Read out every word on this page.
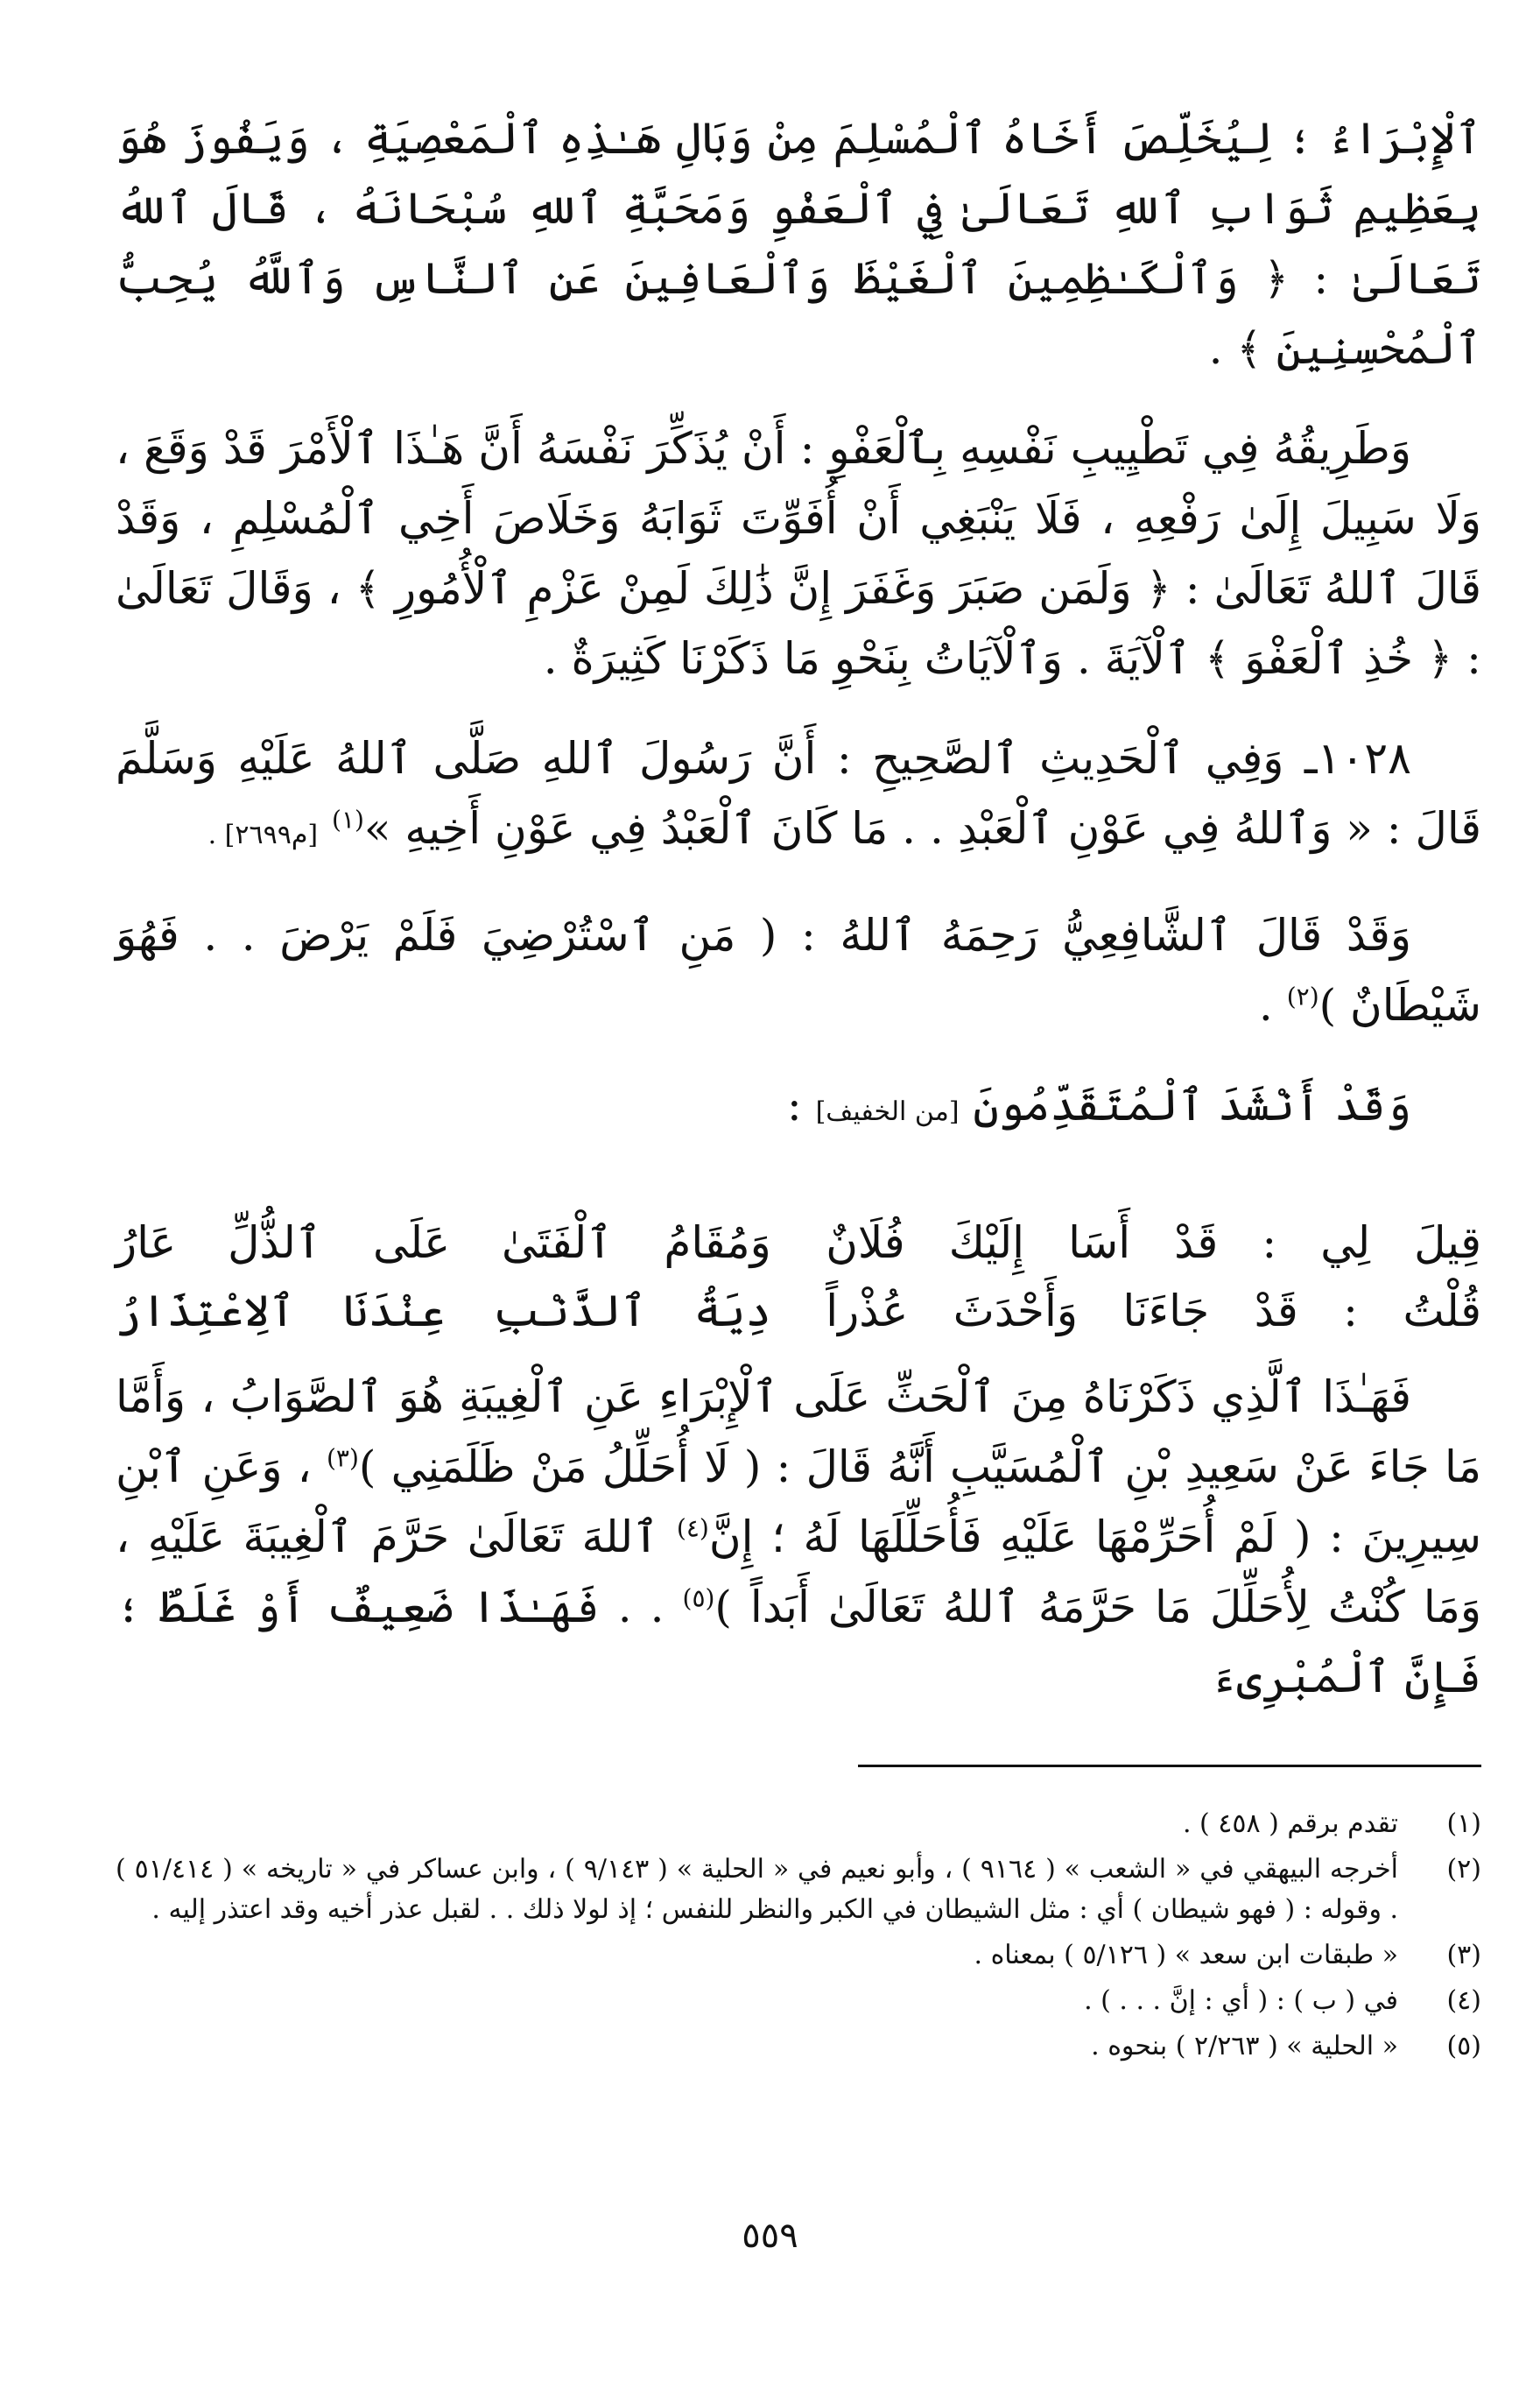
ٱلْإِبْرَاءُ ؛ لِيُخَلِّصَ أَخَاهُ ٱلْمُسْلِمَ مِنْ وَبَالِ هَـٰذِهِ ٱلْمَعْصِيَةِ ، وَيَفُوزَ هُوَ بِعَظِيمِ ثَوَابِ ٱللهِ تَعَالَىٰ فِي ٱلْعَفْوِ وَمَحَبَّةِ ٱللهِ سُبْحَانَهُ ، قَالَ ٱللهُ تَعَالَىٰ : ﴿ وَٱلْكَـٰظِمِينَ ٱلْغَيْظَ وَٱلْعَافِينَ عَنِ ٱلنَّاسِ وَٱللَّهُ يُحِبُّ ٱلْمُحْسِنِينَ ﴾ .

وَطَرِيقُهُ فِي تَطْيِيبِ نَفْسِهِ بِٱلْعَفْوِ : أَنْ يُذَكِّرَ نَفْسَهُ أَنَّ هَـٰذَا ٱلْأَمْرَ قَدْ وَقَعَ ، وَلَا سَبِيلَ إِلَىٰ رَفْعِهِ ، فَلَا يَنْبَغِي أَنْ أُفَوِّتَ ثَوَابَهُ وَخَلَاصَ أَخِي ٱلْمُسْلِمِ ، وَقَدْ قَالَ ٱللهُ تَعَالَىٰ : ﴿ وَلَمَن صَبَرَ وَغَفَرَ إِنَّ ذَٰلِكَ لَمِنْ عَزْمِ ٱلْأُمُورِ ﴾ ، وَقَالَ تَعَالَىٰ : ﴿ خُذِ ٱلْعَفْوَ ﴾ ٱلْآيَةَ . وَٱلْآيَاتُ بِنَحْوِ مَا ذَكَرْنَا كَثِيرَةٌ .

١٠٢٨ـ وَفِي ٱلْحَدِيثِ ٱلصَّحِيحِ : أَنَّ رَسُولَ ٱللهِ صَلَّى ٱللهُ عَلَيْهِ وَسَلَّمَ قَالَ : « وَٱللهُ فِي عَوْنِ ٱلْعَبْدِ . . مَا كَانَ ٱلْعَبْدُ فِي عَوْنِ أَخِيهِ »$^{(١)}$ [م٢٦٩٩] .

وَقَدْ قَالَ ٱلشَّافِعِيُّ رَحِمَهُ ٱللهُ : ( مَنِ ٱسْتُرْضِيَ فَلَمْ يَرْضَ . . فَهُوَ شَيْطَانٌ )$^{(٢)}$ .

وَقَدْ أَنْشَدَ ٱلْمُتَقَدِّمُونَ [من الخفيف] :

قِيلَ لِي : قَدْ أَسَا إِلَيْكَ فُلَانٌ
وَمُقَامُ ٱلْفَتَىٰ عَلَى ٱلذُّلِّ عَارُ
قُلْتُ : قَدْ جَاءَنَا وَأَحْدَثَ عُذْراً
دِيَةُ ٱلذَّنْبِ عِنْدَنَا ٱلِاعْتِذَارُ

فَهَـٰذَا ٱلَّذِي ذَكَرْنَاهُ مِنَ ٱلْحَثِّ عَلَى ٱلْإِبْرَاءِ عَنِ ٱلْغِيبَةِ هُوَ ٱلصَّوَابُ ، وَأَمَّا مَا جَاءَ عَنْ سَعِيدِ بْنِ ٱلْمُسَيَّبِ أَنَّهُ قَالَ : ( لَا أُحَلِّلُ مَنْ ظَلَمَنِي )$^{(٣)}$ ، وَعَنِ ٱبْنِ سِيرِينَ : ( لَمْ أُحَرِّمْهَا عَلَيْهِ فَأُحَلِّلَهَا لَهُ ؛ إِنَّ$^{(٤)}$ ٱللهَ تَعَالَىٰ حَرَّمَ ٱلْغِيبَةَ عَلَيْهِ ، وَمَا كُنْتُ لِأُحَلِّلَ مَا حَرَّمَهُ ٱللهُ تَعَالَىٰ أَبَداً )$^{(٥)}$ . . فَهَـٰذَا ضَعِيفٌ أَوْ غَلَطٌ ؛ فَإِنَّ ٱلْمُبْرِىءَ

(١)
تقدم برقم ( ٤٥٨ ) .
(٢)
أخرجه البيهقي في « الشعب » ( ٩١٦٤ ) ، وأبو نعيم في « الحلية » ( ٩/١٤٣ ) ، وابن عساكر في « تاريخه » ( ٥١/٤١٤ ) . وقوله : ( فهو شيطان ) أي : مثل الشيطان في الكبر والنظر للنفس ؛ إذ لولا ذلك . . لقبل عذر أخيه وقد اعتذر إليه .
(٣)
« طبقات ابن سعد » ( ٥/١٢٦ ) بمعناه .
(٤)
في ( ب ) : ( أي : إنَّ . . . ) .
(٥)
« الحلية » ( ٢/٢٦٣ ) بنحوه .
٥٥٩
